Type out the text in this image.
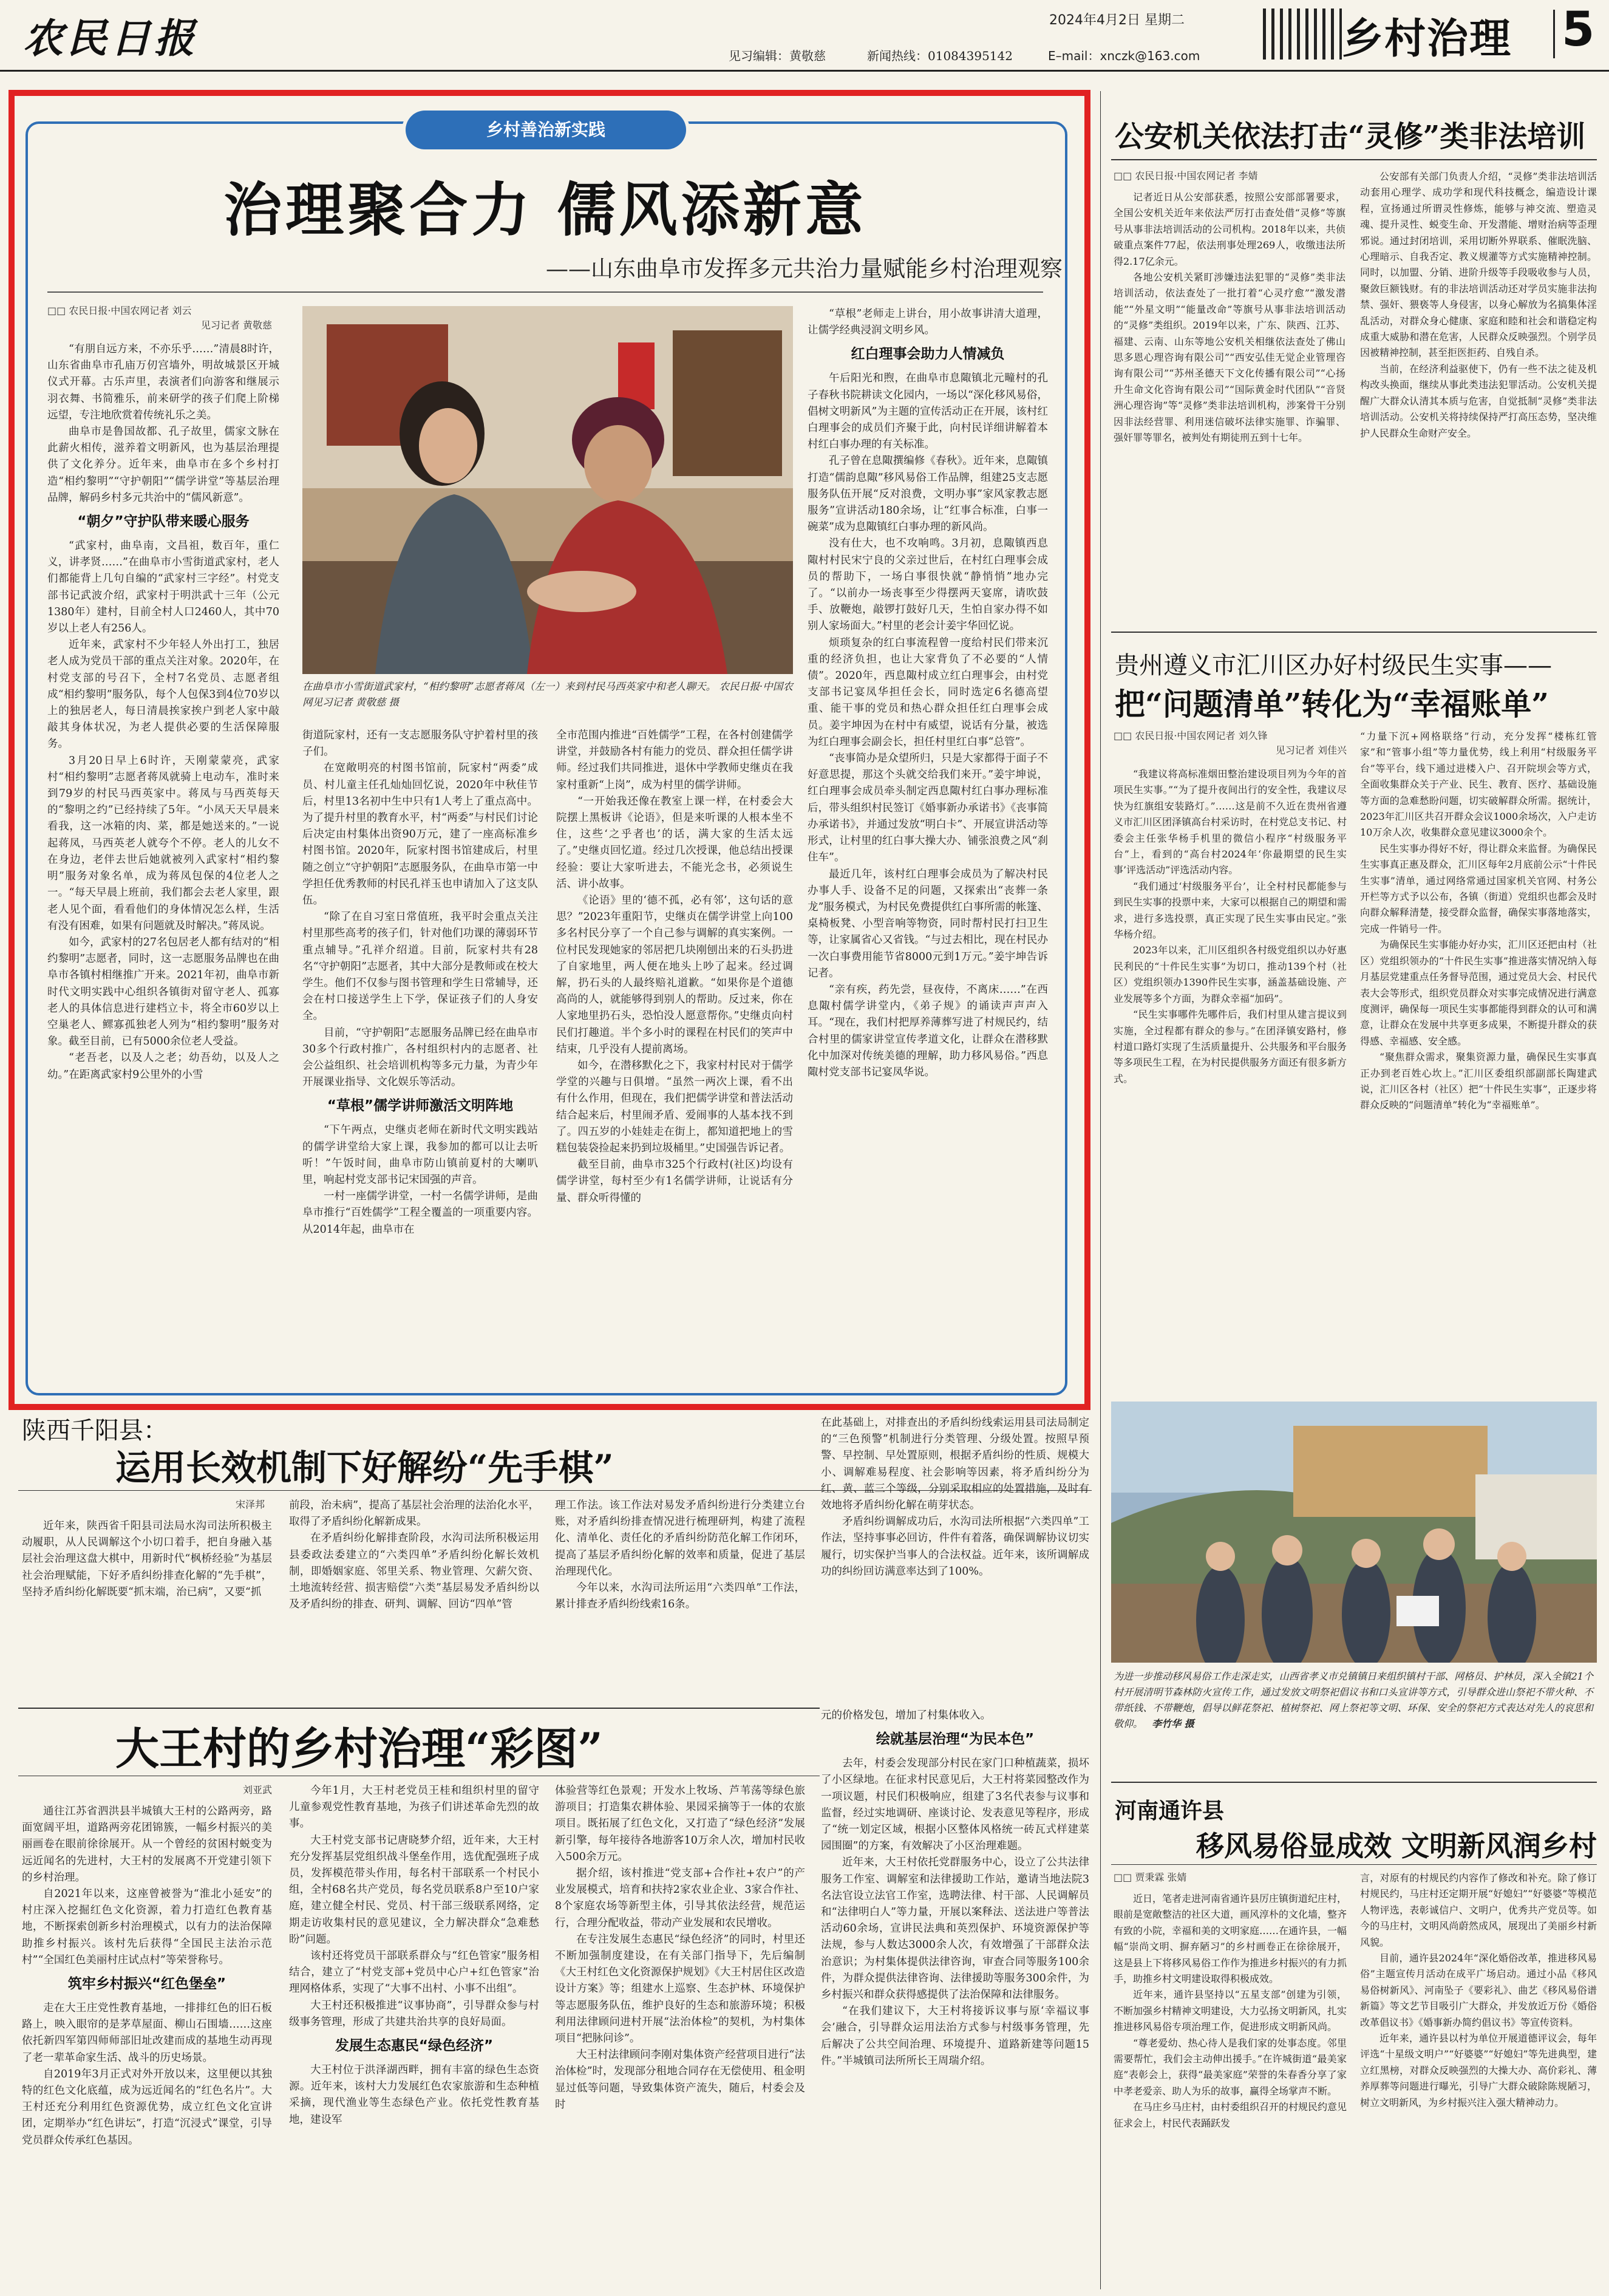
农民日报	2024年4月2日 星期二
见习编辑：黄敬慈	新闻热线：01084395142	E–mail：xnczk@163.com	乡村治理 5
乡村善治新实践
治理聚合力 儒风添新意
——山东曲阜市发挥多元共治力量赋能乡村治理观察
□□ 农民日报·中国农网记者 刘云
见习记者 黄敬慈

“有朋自远方来，不亦乐乎……”清晨8时许，山东省曲阜市孔庙万仞宫墙外，明故城景区开城仪式开幕。古乐声里，表演者们向游客和继展示羽衣舞、书简雅乐，前来研学的孩子们爬上阶梯远望，专注地欣赏着传统礼乐之美。

曲阜市是鲁国故都、孔子故里，儒家文脉在此薪火相传，滋养着文明新风，也为基层治理提供了文化养分。近年来，曲阜市在多个乡村打造“相约黎明”“守护朝阳”“儒学讲堂”等基层治理品牌，解码乡村多元共治中的“儒风新意”。

“朝夕”守护队带来暖心服务

“武家村，曲阜南，文昌祖，数百年，重仁义，讲孝贤……”在曲阜市小雪街道武家村，老人们都能背上几句自编的“武家村三字经”。村党支部书记武波介绍，武家村于明洪武十三年（公元1380年）建村，目前全村人口2460人，其中70岁以上老人有256人。

近年来，武家村不少年轻人外出打工，独居老人成为党员干部的重点关注对象。2020年，在村党支部的号召下，全村7名党员、志愿者组成“相约黎明”服务队，每个人包保3到4位70岁以上的独居老人，每日清晨挨家挨户到老人家中敲敲其身体状况，为老人提供必要的生活保障服务。

3月20日早上6时许，天刚蒙蒙亮，武家村“相约黎明”志愿者蒋凤就骑上电动车，准时来到79岁的村民马西英家中。蒋凤与马西英每天的“黎明之约”已经持续了5年。“小凤天天早晨来看我，这一冰箱的肉、菜，都是她送来的。”一说起蒋凤，马西英老人就夸个不停。老人的儿女不在身边，老伴去世后她就被列入武家村“相约黎明”服务对象名单，成为蒋凤包保的4位老人之一。“每天早晨上班前，我们都会去老人家里，跟老人见个面，看看他们的身体情况怎么样，生活有没有困难，如果有问题就及时解决。”蒋凤说。

如今，武家村的27名包居老人都有结对的“相约黎明”志愿者，同时，这一志愿服务品牌也在曲阜市各镇村相继推广开来。2021年初，曲阜市新时代文明实践中心组织各镇街对留守老人、孤寡老人的具体信息进行建档立卡，将全市60岁以上空巢老人、鳏寡孤独老人列为“相约黎明”服务对象。截至目前，已有5000余位老人受益。

“老吾老，以及人之老；幼吾幼，以及人之幼。”在距离武家村9公里外的小雪

在曲阜市小雪街道武家村，“相约黎明”志愿者蒋凤（左一）来到村民马西英家中和老人聊天。 农民日报·中国农网见习记者 黄敬慈 摄

街道阮家村，还有一支志愿服务队守护着村里的孩子们。

在宽敞明亮的村图书馆前，阮家村“两委”成员、村儿童主任孔灿灿回忆说，2020年中秋佳节后，村里13名初中生中只有1人考上了重点高中。为了提升村里的教育水平，村“两委”与村民们讨论后决定由村集体出资90万元，建了一座高标准乡村图书馆。2020年，阮家村图书馆建成后，村里随之创立“守护朝阳”志愿服务队，在曲阜市第一中学担任优秀教师的村民孔祥玉也申请加入了这支队伍。

“除了在自习室日常值班，我平时会重点关注村里那些高考的孩子们，针对他们功课的薄弱环节重点辅导。”孔祥介绍道。目前，阮家村共有28名“守护朝阳”志愿者，其中大部分是教师或在校大学生。他们不仅参与图书管理和学生日常辅导，还会在村口接送学生上下学，保证孩子们的人身安全。

目前，“守护朝阳”志愿服务品牌已经在曲阜市30多个行政村推广，各村组织村内的志愿者、社会公益组织、社会培训机构等多元力量，为青少年开展课业指导、文化娱乐等活动。

“草根”儒学讲师激活文明阵地

“下午两点，史继贞老师在新时代文明实践站的儒学讲堂给大家上课，我参加的都可以让去听听！”午饭时间，曲阜市防山镇前夏村的大喇叭里，响起村党支部书记宋国强的声音。

一村一座儒学讲堂，一村一名儒学讲师，是曲阜市推行“百姓儒学”工程全覆盖的一项重要内容。从2014年起，曲阜市在

全市范围内推进“百姓儒学”工程，在各村创建儒学讲堂，并鼓励各村有能力的党员、群众担任儒学讲师。经过我们共同推进，退休中学教师史继贞在我家村重新“上岗”，成为村里的儒学讲师。

“一开始我还像在教室上课一样，在村委会大院摆上黑板讲《论语》，但是来听课的人根本坐不住，这些‘之乎者也’的话，满大家的生活太远了。”史继贞回忆道。经过几次授课，他总结出授课经验：要让大家听进去，不能光念书，必须说生活、讲小故事。

《论语》里的‘德不孤，必有邻’，这句话的意思？”2023年重阳节，史继贞在儒学讲堂上向100多名村民分享了一个自己参与调解的真实案例。一位村民发现她家的邻居把几块刚刨出来的石头扔进了自家地里，两人便在地头上吵了起来。经过调解，扔石头的人最终赔礼道歉。“如果你是个道德高尚的人，就能够得到别人的帮助。反过来，你在人家地里扔石头，恐怕没人愿意帮你。”史继贞向村民们打趣道。半个多小时的课程在村民们的笑声中结束，几乎没有人提前离场。

如今，在潜移默化之下，我家村村民对于儒学学堂的兴趣与日俱增。“虽然一两次上课，看不出有什么作用，但现在，我们把儒学讲堂和普法活动结合起来后，村里闹矛盾、爱闹事的人基本找不到了。四五岁的小娃娃走在街上，都知道把地上的雪糕包装袋捡起来扔到垃圾桶里。”史国强告诉记者。

截至目前，曲阜市325个行政村(社区)均设有儒学讲堂，每村至少有1名儒学讲师，让说话有分量、群众听得懂的

“草根”老师走上讲台，用小故事讲清大道理，让儒学经典浸润文明乡风。

红白理事会助力人情减负

午后阳光和煦，在曲阜市息陬镇北元疃村的孔子春秋书院耕读文化园内，一场以“深化移风易俗，倡树文明新风”为主题的宣传活动正在开展，该村红白理事会的成员们齐聚于此，向村民详细讲解着本村红白事办理的有关标准。

孔子曾在息陬撰编修《春秋》。近年来，息陬镇打造“儒韵息陬”移风易俗工作品牌，组建25支志愿服务队伍开展“反对浪费，文明办事”家风家教志愿服务”宣讲活动180余场，让“红事合标准，白事一碗菜”成为息陬镇红白事办理的新风尚。

没有仕大，也不攻响鸣。3月初，息陬镇西息陬村村民宋宁良的父亲过世后，在村红白理事会成员的帮助下，一场白事很快就“静悄悄”地办完了。“以前办一场丧事至少得摆两天宴席，请吹鼓手、放鞭炮，敲锣打鼓好几天，生怕自家办得不如别人家场面大。”村里的老会计姜宇华回忆说。

烦琐复杂的红白事流程曾一度给村民们带来沉重的经济负担，也让大家背负了不必要的“人情债”。2020年，西息陬村成立红白理事会，由村党支部书记宴凤华担任会长，同时选定6名德高望重、能干事的党员和热心群众担任红白理事会成员。姜宇坤因为在村中有威望，说话有分量，被选为红白理事会副会长，担任村里红白事“总管”。

“丧事简办是众望所归，只是大家都得于面子不好意思提，那这个头就交给我们来开。”姜宇坤说，红白理事会成员牵头制定西息陬村红白事办理标准后，带头组织村民签订《婚事新办承诺书》《丧事简办承诺书》，并通过发放“明白卡”、开展宣讲活动等形式，让村里的红白事大操大办、铺张浪费之风“刹住车”。

最近几年，该村红白理事会成员为了解决村民办事人手、设备不足的问题，又探索出“丧葬一条龙”服务模式，为村民免费提供红白事所需的帐篷、桌椅板凳、小型音响等物资，同时帮村民打扫卫生等，让家属省心又省钱。“与过去相比，现在村民办一次白事费用能节省8000元到1万元。”姜宇坤告诉记者。

“亲有疾，药先尝，昼夜侍，不离床……”在西息陬村儒学讲堂内，《弟子规》的诵读声声声入耳。“现在，我们村把厚养薄葬写进了村规民约，结合村里的儒家讲堂宣传孝道文化，让群众在潜移默化中加深对传统美德的理解，助力移风易俗。”西息陬村党支部书记宴凤华说。

公安机关依法打击“灵修”类非法培训
□□ 农民日报·中国农网记者 李婧

记者近日从公安部获悉，按照公安部部署要求，全国公安机关近年来依法严厉打击查处借“灵修”等旗号从事非法培训活动的公司机构。2018年以来，共侦破重点案件77起，依法刑事处理269人，收缴违法所得2.17亿余元。

各地公安机关紧盯涉嫌违法犯罪的“灵修”类非法培训活动，依法查处了一批打着“心灵疗愈”“激发潜能”“外星文明”“能量改命”等旗号从事非法培训活动的“灵修”类组织。2019年以来，广东、陕西、江苏、福建、云南、山东等地公安机关相继依法查处了佛山思多恩心理咨询有限公司”“西安弘佳无觉企业管理咨询有限公司”“苏州圣德天下文化传播有限公司”“心扬升生命文化咨询有限公司”“国际黄金时代团队”“音贤洲心理咨询”等“灵修”类非法培训机构，涉案骨干分别因非法经营罪、利用迷信破坏法律实施罪、诈骗罪、强奸罪等罪名，被判处有期徒刑五到十七年。

公安部有关部门负责人介绍，“灵修”类非法培训活动套用心理学、成功学和现代科技概念，编造设计课程，宣扬通过所谓灵性修炼，能够与神交流、塑造灵魂、提升灵性、蜕变生命、开发潜能、增财治病等歪理邪说。通过封闭培训，采用切断外界联系、催眠洗脑、心理暗示、自我否定、教义规灌等方式实施精神控制。同时，以加盟、分销、进阶升级等手段吸收参与人员，聚敛巨额钱财。有的非法培训活动还对学员实施非法拘禁、强奸、猥亵等人身侵害，以身心解放为名搞集体淫乱活动，对群众身心健康、家庭和睦和社会和谐稳定构成重大威胁和潜在危害，人民群众反映强烈。个别学员因被精神控制，甚至拒医拒药、自残自杀。

当前，在经济利益驱使下，仍有一些不法之徒及机构改头换面，继续从事此类违法犯罪活动。公安机关提醒广大群众认清其本质与危害，自觉抵制“灵修”类非法培训活动。公安机关将持续保持严打高压态势，坚决维护人民群众生命财产安全。

贵州遵义市汇川区办好村级民生实事——
把“问题清单”转化为“幸福账单”
□□ 农民日报·中国农网记者 刘久锋
见习记者 刘佳兴

“我建议将高标准烟田整治建设项目列为今年的首项民生实事。”“为了提升夜间出行的安全性，我建议尽快为红旗组安装路灯。”……这是前不久近在贵州省遵义市汇川区团泽镇高台村采访时，在村党总支书记、村委会主任张华杨手机里的微信小程序“村级服务平台”上，看到的“高台村2024年‘你最期望的民生实事’评选活动”评选活动内容。

“我们通过‘村级服务平台’，让全村村民都能参与到民生实事的投票中来，大家可以根据自己的期望和需求，进行多选投票，真正实现了民生实事由民定。”张华杨介绍。

2023年以来，汇川区组织各村级党组织以办好惠民利民的“十件民生实事”为切口，推动139个村（社区）党组织领办1390件民生实事，涵盖基础设施、产业发展等多个方面，为群众幸福“加码”。

“民生实事哪件先哪件后，我们村里从建言提议到实施，全过程都有群众的参与。”在团泽镇安路村，修村道口路灯实现了生活质量提升、公共服务和平台服务等多项民生工程，在为村民提供服务方面还有很多新方式。

“力量下沉+网格联络”行动，充分发挥“楼栋红管家”和“管事小组”等力量优势，线上利用“村级服务平台”等平台，线下通过进楼入户、召开院坝会等方式，全面收集群众关于产业、民生、教育、医疗、基础设施等方面的急难愁盼问题，切实破解群众所需。据统计，2023年汇川区共召开群众会议1000余场次，入户走访10万余人次，收集群众意见建议3000余个。

民生实事办得好不好，得让群众来监督。为确保民生实事真正惠及群众，汇川区每年2月底前公示“十件民生实事”清单，通过网络常通过国家机关官网、村务公开栏等方式予以公布，各镇（街道）党组织也都会及时向群众解释清楚，接受群众监督，确保实事落地落实，完成一件销号一件。

为确保民生实事能办好办实，汇川区还把由村（社区）党组织领办的“十件民生实事”推进落实情况纳入每月基层党建重点任务督导范围，通过党员大会、村民代表大会等形式，组织党员群众对实事完成情况进行满意度测评，确保每一项民生实事都能得到群众的认可和满意，让群众在发展中共享更多成果，不断提升群众的获得感、幸福感、安全感。

“聚焦群众需求，聚集资源力量，确保民生实事真正办到老百姓心坎上。”汇川区委组织部副部长陶建武说，汇川区各村（社区）把“十件民生实事”，正逐步将群众反映的“问题清单”转化为“幸福账单”。

为进一步推动移风易俗工作走深走实，山西省孝义市兑镇镇日来组织镇村干部、网格员、护林员，深入全镇21个村开展清明节森林防火宣传工作，通过发放文明祭祀倡议书和口头宣讲等方式，引导群众进山祭祀不带火种、不带纸钱、不带鞭炮，倡导以鲜花祭祀、植树祭祀、网上祭祀等文明、环保、安全的祭祀方式表达对先人的哀思和敬仰。 李竹华 摄
河南通许县
移风易俗显成效 文明新风润乡村
□□ 贾秉霖 张婧

近日，笔者走进河南省通许县厉庄镇街道纪庄村，眼前是宽敞整洁的社区大道，画风淳朴的文化墙，整齐有致的小院，幸福和美的文明家庭……在通许县，一幅幅“崇尚文明、摒弃陋习”的乡村画卷正在徐徐展开，这是县上下将移风易俗工作作为推进乡村振兴的有力抓手，助推乡村文明建设取得积极成效。

近年来，通许县坚持以“五星支部”创建为引领，不断加强乡村精神文明建设，大力弘扬文明新风，扎实推进移风易俗专项治理工作，促进形成文明新风尚。

“尊老爱幼、热心待人是我们家的处事态度。邻里需要帮忙，我们会主动伸出援手。”在许城街道“最美家庭”表彰会上，获得“最美家庭”荣誉的朱春香分享了家中孝老爱亲、助人为乐的故事，赢得全场掌声不断。

在马庄乡马庄村，由村委组织召开的村规民约意见征求会上，村民代表踊跃发

言，对原有的村规民约内容作了修改和补充。除了修订村规民约，马庄村还定期开展“好媳妇”“好婆婆”等模范人物评选，表彰诚信户、文明户，优秀共产党员等。如今的马庄村，文明风尚蔚然成风，展现出了美丽乡村新风貌。

目前，通许县2024年“深化婚俗改革，推进移风易俗”主题宣传月活动在成平广场启动。通过小品《移风易俗树新风》、河南坠子《要彩礼》、曲艺《移风易俗谱新篇》等文艺节目吸引广大群众，并发放近万份《婚俗改革倡议书》《婚事新办简约倡议书》等宣传资料。

近年来，通许县以村为单位开展道德评议会，每年评选“十星级文明户”“好婆婆”“好媳妇”等先进典型，建立红黑榜，对群众反映强烈的大操大办、高价彩礼、薄养厚葬等问题进行曝光，引导广大群众破除陈规陋习，树立文明新风，为乡村振兴注入强大精神动力。

陕西千阳县：
运用长效机制下好解纷“先手棋”
宋泽邦

近年来，陕西省千阳县司法局水沟司法所积极主动履职，从人民调解这个小切口着手，把自身融入基层社会治理这盘大棋中，用新时代“枫桥经验”为基层社会治理赋能，下好矛盾纠纷排查化解的“先手棋”，坚持矛盾纠纷化解既要“抓末端，治已病”，又要“抓

前段，治未病”，提高了基层社会治理的法治化水平，取得了矛盾纠纷化解新成果。

在矛盾纠纷化解排查阶段，水沟司法所积极运用县委政法委建立的“六类四单”矛盾纠纷化解长效机制，即婚姻家庭、邻里关系、物业管理、欠薪欠资、土地流转经营、损害赔偿“六类”基层易发矛盾纠纷以及矛盾纠纷的排查、研判、调解、回访“四单”管

理工作法。该工作法对易发矛盾纠纷进行分类建立台账，对矛盾纠纷排查情况进行梳理研判，构建了流程化、清单化、责任化的矛盾纠纷防范化解工作闭环，提高了基层矛盾纠纷化解的效率和质量，促进了基层治理现代化。

今年以来，水沟司法所运用“六类四单”工作法，累计排查矛盾纠纷线索16条。

在此基础上，对排查出的矛盾纠纷线索运用县司法局制定的“三色预警”机制进行分类管理、分级处置。按照早预警、早控制、早处置原则，根据矛盾纠纷的性质、规模大小、调解难易程度、社会影响等因素，将矛盾纠纷分为红、黄、蓝三个等级，分别采取相应的处置措施，及时有效地将矛盾纠纷化解在萌芽状态。

矛盾纠纷调解成功后，水沟司法所根据“六类四单”工作法，坚持事事必回访，件件有着落，确保调解协议切实履行，切实保护当事人的合法权益。近年来，该所调解成功的纠纷回访满意率达到了100%。

大王村的乡村治理“彩图”
刘亚武

通往江苏省泗洪县半城镇大王村的公路两旁，路面宽阔平坦，道路两旁花团锦簇，一幅乡村振兴的美丽画卷在眼前徐徐展开。从一个曾经的贫困村蜕变为远近闻名的先进村，大王村的发展离不开党建引领下的乡村治理。

自2021年以来，这座曾被誉为“淮北小延安”的村庄深入挖掘红色文化资源，着力打造红色教育基地，不断探索创新乡村治理模式，以有力的法治保障助推乡村振兴。该村先后获得“全国民主法治示范村”“全国红色美丽村庄试点村”等荣誉称号。

筑牢乡村振兴“红色堡垒”

走在大王庄党性教育基地，一排排红色的旧石板路上，映入眼帘的是茅草屋面、柳山石围墙……这座依托新四军第四师师部旧址改建而成的基地生动再现了老一辈革命家生活、战斗的历史场景。

自2019年3月正式对外开放以来，这里便以其独特的红色文化底蕴，成为远近闻名的“红色名片”。大王村还充分利用红色资源优势，成立红色文化宣讲团，定期举办“红色讲坛”，打造“沉浸式”课堂，引导党员群众传承红色基因。

今年1月，大王村老党员王桂和组织村里的留守儿童参观党性教育基地，为孩子们讲述革命先烈的故事。

大王村党支部书记唐晓梦介绍，近年来，大王村充分发挥基层党组织战斗堡垒作用，选优配强班子成员，发挥模范带头作用，每名村干部联系一个村民小组，全村68名共产党员，每名党员联系8户至10户家庭，建立健全村民、党员、村干部三级联系网络，定期走访收集村民的意见建议，全力解决群众“急难愁盼”问题。

该村还将党员干部联系群众与“红色管家”服务相结合，建立了“村党支部+党员中心户+红色管家”治理网格体系，实现了“大事不出村、小事不出组”。

大王村还积极推进“议事协商”，引导群众参与村级事务管理，形成了共建共治共享的良好局面。

发展生态惠民“绿色经济”

大王村位于洪泽湖西畔，拥有丰富的绿色生态资源。近年来，该村大力发展红色农家旅游和生态种植采摘，现代渔业等生态绿色产业。依托党性教育基地，建设军

体验营等红色景观；开发水上牧场、芦苇荡等绿色旅游项目；打造集农耕体验、果园采摘等于一体的农旅项目。既拓展了红色文化，又打造了“绿色经济”发展新引擎，每年接待各地游客10万余人次，增加村民收入500余万元。

据介绍，该村推进“党支部+合作社+农户”的产业发展模式，培育和扶持2家农业企业、3家合作社、8个家庭农场等新型主体，引导其依法经营，规范运行，合理分配收益，带动产业发展和农民增收。

在专注发展生态惠民“绿色经济”的同时，村里还不断加强制度建设，在有关部门指导下，先后编制《大王村红色文化资源保护规划》《大王村居住区改造设计方案》等；组建水上巡察、生态护林、环境保护等志愿服务队伍，维护良好的生态和旅游环境；积极利用法律顾问进村开展“法治体检”的契机，为村集体项目“把脉问诊”。

大王村法律顾问李刚对集体资产经营项目进行“法治体检”时，发现部分租地合同存在无偿使用、租金明显过低等问题，导致集体资产流失，随后，村委会及时

元的价格发包，增加了村集体收入。

绘就基层治理“为民本色”

去年，村委会发现部分村民在家门口种植蔬菜，损坏了小区绿地。在征求村民意见后，大王村将菜园整改作为一项议题，村民们积极响应，组建了3名代表参与议事和监督，经过实地调研、座谈讨论、发表意见等程序，形成了“统一划定区域，根据小区整体风格统一砖瓦式样建菜园围圈”的方案，有效解决了小区治理难题。

近年来，大王村依托党群服务中心，设立了公共法律服务工作室、调解室和法律援助工作站，邀请当地法院3名法官设立法官工作室，选聘法律、村干部、人民调解员和“法律明白人”等力量，开展以案释法、送法进户等普法活动60余场，宣讲民法典和英烈保护、环境资源保护等法规，参与人数达3000余人次，有效增强了干部群众法治意识；为村集体提供法律咨询，审查合同等服务100余件，为群众提供法律咨询、法律援助等服务300余件，为乡村振兴和群众获得感提供了法治保障和法律服务。

“在我们建议下，大王村将接诉议事与原‘幸福议事会’融合，引导群众运用法治方式参与村级事务管理，先后解决了公共空间治理、环境提升、道路新建等问题15件。”半城镇司法所所长王周瑞介绍。
